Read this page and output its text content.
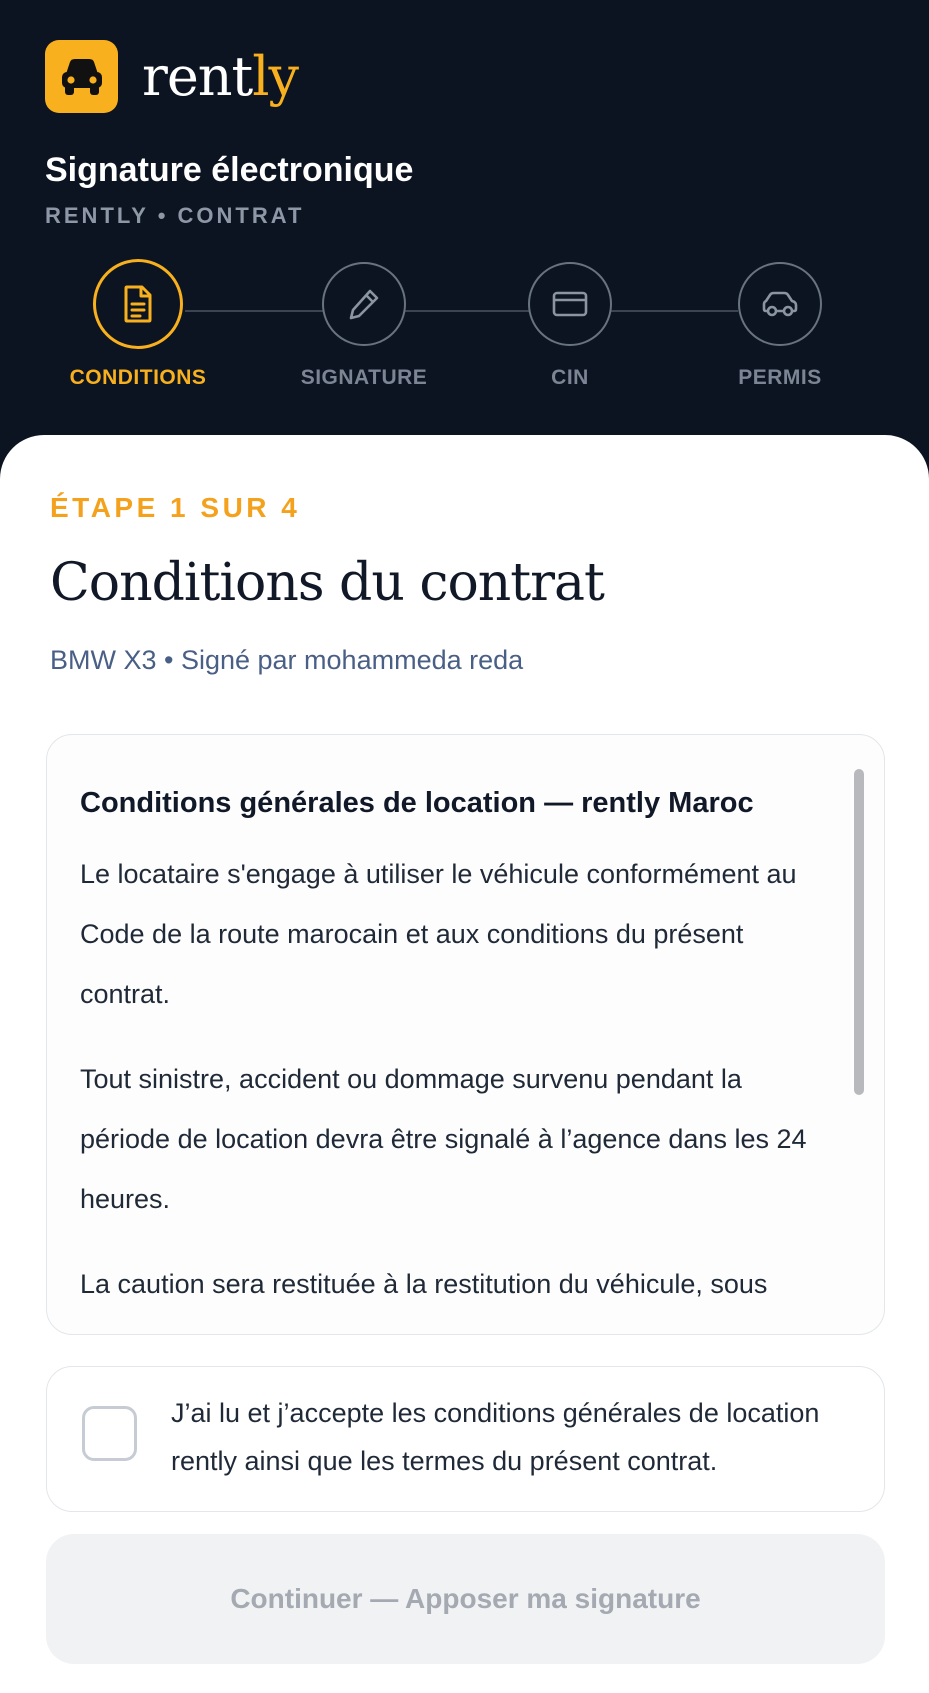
rently
Signature électronique
RENTLY • CONTRAT
CONDITIONS	SIGNATURE	CIN	PERMIS
ÉTAPE 1 SUR 4
Conditions du contrat
BMW X3 • Signé par mohammeda reda
Conditions générales de location — rently Maroc
Le locataire s'engage à utiliser le véhicule conformément au Code de la route marocain et aux conditions du présent contrat.
Tout sinistre, accident ou dommage survenu pendant la période de location devra être signalé à l’agence dans les 24 heures.
La caution sera restituée à la restitution du véhicule, sous
J’ai lu et j’accepte les conditions générales de location rently ainsi que les termes du présent contrat.
Continuer — Apposer ma signature
